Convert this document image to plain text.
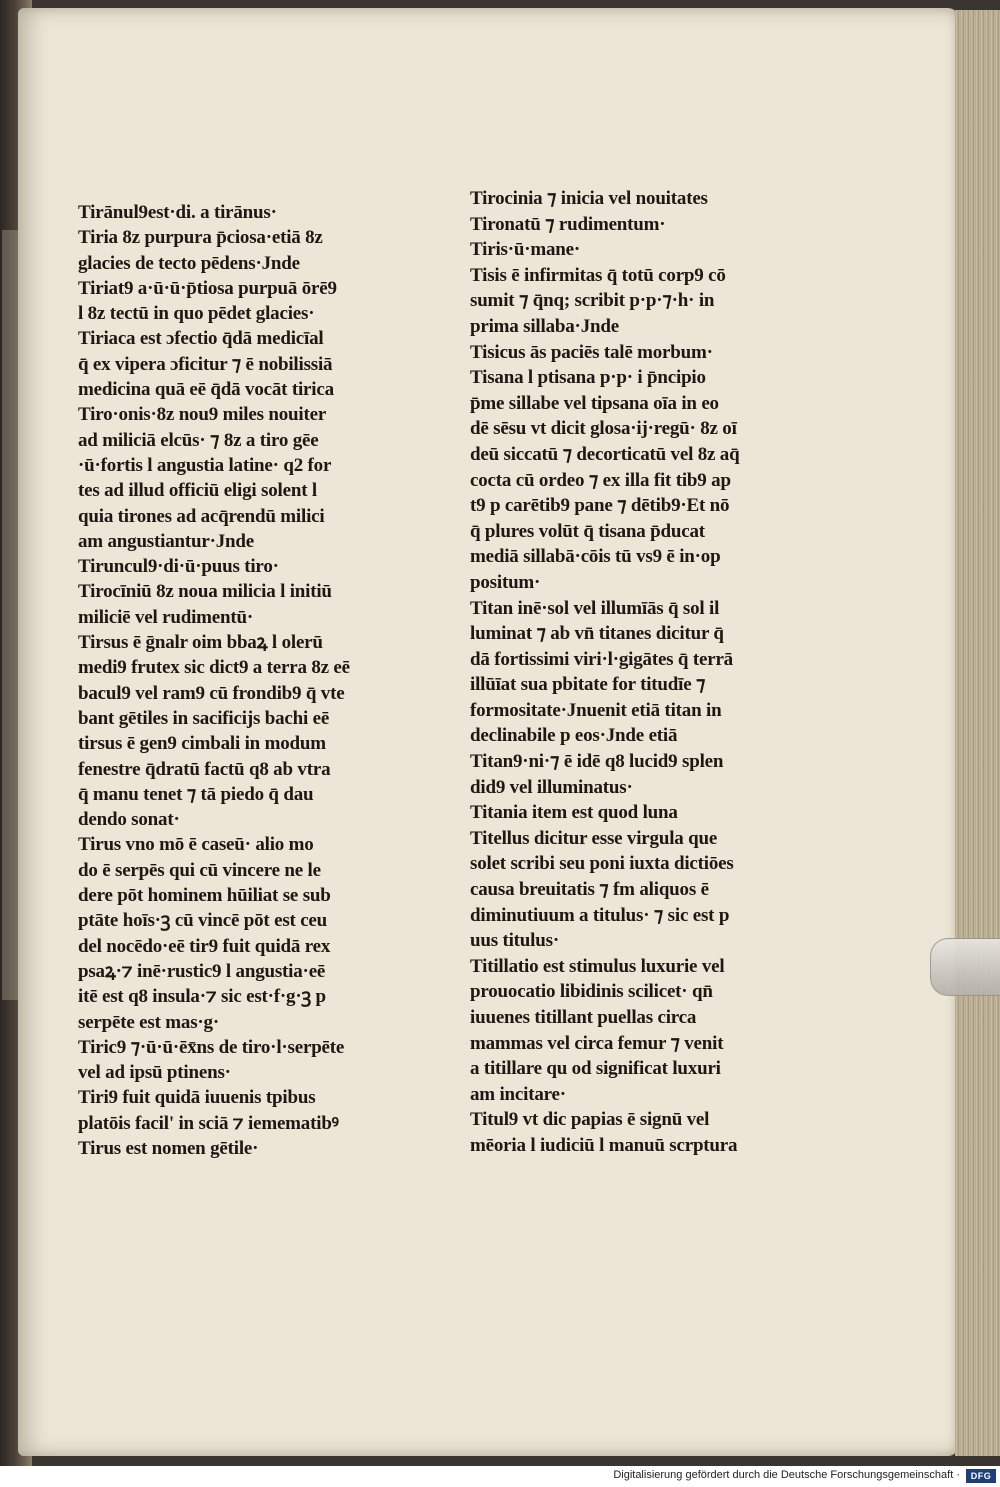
Tirānul9est·di. a tirānus·
Tiria 8z purpura p̄ciosa·etiā 8z
glacies de tecto pēdens·Jnde
Tiriat9 a·ū·ū·p̄tiosa purpuā ōrē9
l 8z tectū in quo pēdet glacies·
Tiriaca est ɔfectio q̄dā medicīal
q̄ ex vipera ɔficitur ⁊ ē nobilissiā
medicina quā eē q̄dā vocāt tirica
Tiro·onis·8z nou9 miles nouiter
ad miliciā elcūs· ⁊ 8z a tiro gēe
·ū·fortis l angustia latine· q2 for
tes ad illud officiū eligi solent l
quia tirones ad acq̄rendū milici
am angustiantur·Jnde
Tiruncul9·di·ū·puus tiro·
Tirocīniū 8z noua milicia l initiū
miliciē vel rudimentū·
Tirsus ē ḡnalr oim bbaꝝ l olerū
medi9 frutex sic dict9 a terra 8z eē
bacul9 vel ram9 cū frondib9 q̄ vte
bant gētiles in sacificijs bachi eē
tirsus ē gen9 cimbali in modum
fenestre q̄dratū factū q8 ab vtra
q̄ manu tenet ⁊ tā piedo q̄ dau
dendo sonat·
Tirus vno mō ē caseū· alio mo
do ē serpēs qui cū vincere ne le
dere pōt hominem hūiliat se sub
ptāte hoīs·ꝫ cū vincē pōt est ceu
del nocēdo·eē tir9 fuit quidā rex
psaꝝ·⁊ inē·rustic9 l angustia·eē
itē est q8 insula·⁊ sic est·f·g·ꝫ p
serpēte est mas·g·
Tiric9 ⁊·ū·ū·ēx̄ns de tiro·l·serpēte
vel ad ipsū ptinens·
Tiri9 fuit quidā iuuenis tpibus
platōis facil' in sciā ⁊ iemematibꝰ
Tirus est nomen gētile·
Tirocinia ⁊ inicia vel nouitates
Tironatū ⁊ rudimentum·
Tiris·ū·mane·
Tisis ē infirmitas q̄ totū corp9 cō
sumit ⁊ q̄nq; scribit p·p·⁊·h· in
prima sillaba·Jnde
Tisicus ās paciēs talē morbum·
Tisana l ptisana p·p· i p̄ncipio
p̄me sillabe vel tipsana oīa in eo
dē sēsu vt dicit glosa·ij·regū· 8z oī
deū siccatū ⁊ decorticatū vel 8z aq̄
cocta cū ordeo ⁊ ex illa fit tib9 ap
t9 p carētib9 pane ⁊ dētib9·Et nō
q̄ plures volūt q̄ tisana p̄ducat
mediā sillabā·cōis tū vs9 ē in·op
positum·
Titan inē·sol vel illumīās q̄ sol il
luminat ⁊ ab vn̄ titanes dicitur q̄
dā fortissimi viri·l·gigātes q̄ terrā
illūīat sua pbitate for titudīe ⁊
formositate·Jnuenit etiā titan in
declinabile p eos·Jnde etiā
Titan9·ni·⁊ ē idē q8 lucid9 splen
did9 vel illuminatus·
Titania item est quod luna
Titellus dicitur esse virgula que
solet scribi seu poni iuxta dictiōes
causa breuitatis ⁊ fm aliquos ē
diminutiuum a titulus· ⁊ sic est p
uus titulus·
Titillatio est stimulus luxurie vel
prouocatio libidinis scilicet· qn̄
iuuenes titillant puellas circa
mammas vel circa femur ⁊ venit
a titillare qu od significat luxuri
am incitare·
Titul9 vt dic papias ē signū vel
mēoria l iudiciū l manuū scrptura
Digitalisierung gefördert durch die Deutsche Forschungsgemeinschaft ·	DFG
